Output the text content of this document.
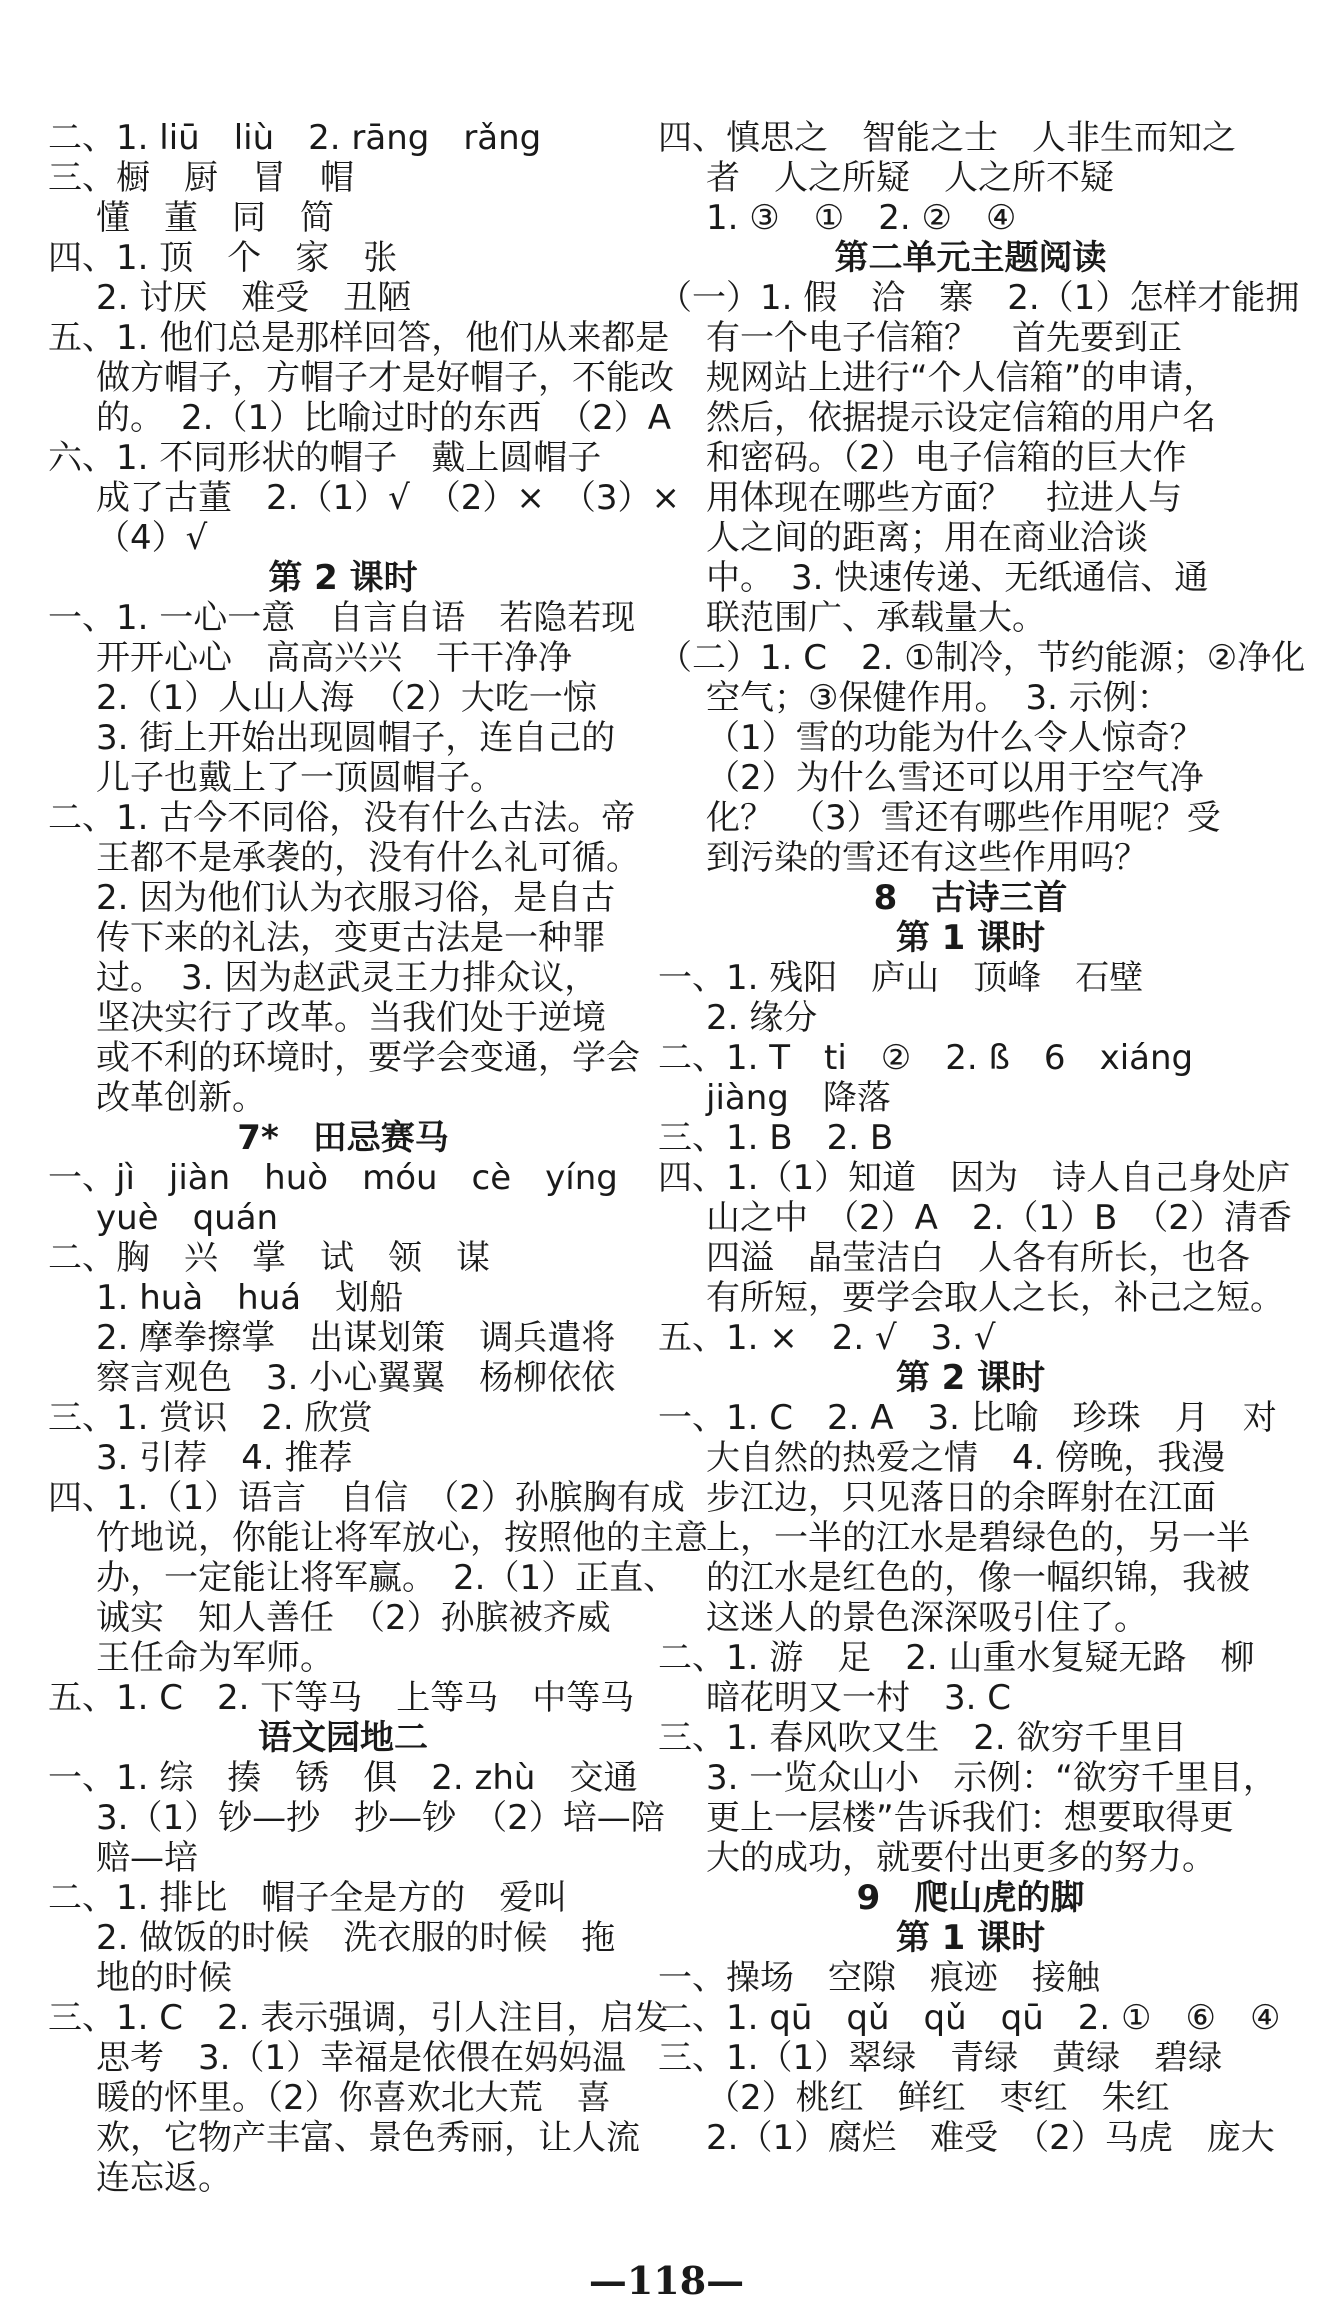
二、1. liū　liù　2. rāng　rǎng
三、橱　厨　冒　帽
懂　董　同　简
四、1. 顶　个　家　张
2. 讨厌　难受　丑陋
五、1. 他们总是那样回答，他们从来都是
做方帽子，方帽子才是好帽子，不能改
的。　2.（1）比喻过时的东西　（2）A
六、1. 不同形状的帽子　戴上圆帽子
成了古董　2.（1）√　（2）×　（3）×
（4）√
第 2 课时
一、1. 一心一意　自言自语　若隐若现
开开心心　高高兴兴　干干净净
2.（1）人山人海　（2）大吃一惊
3. 街上开始出现圆帽子，连自己的
儿子也戴上了一顶圆帽子。
二、1. 古今不同俗，没有什么古法。帝
王都不是承袭的，没有什么礼可循。
2. 因为他们认为衣服习俗，是自古
传下来的礼法，变更古法是一种罪
过。　3. 因为赵武灵王力排众议，
坚决实行了改革。当我们处于逆境
或不利的环境时，要学会变通，学会
改革创新。
7*　田忌赛马
一、jì　jiàn　huò　móu　cè　yíng
yuè　quán
二、胸　兴　掌　试　领　谋
1. huà　huá　划船
2. 摩拳擦掌　出谋划策　调兵遣将
察言观色　3. 小心翼翼　杨柳依依
三、1. 赏识　2. 欣赏
3. 引荐　4. 推荐
四、1.（1）语言　自信　（2）孙膑胸有成
竹地说，你能让将军放心，按照他的主意
办，一定能让将军赢。　2.（1）正直、
诚实　知人善任　（2）孙膑被齐威
王任命为军师。
五、1. C　2. 下等马　上等马　中等马
语文园地二
一、1. 综　揍　锈　俱　2. zhù　交通
3.（1）钞—抄　抄—钞　（2）培—陪
赔—培
二、1. 排比　帽子全是方的　爱叫
2. 做饭的时候　洗衣服的时候　拖
地的时候
三、1. C　2. 表示强调，引人注目，启发
思考　3.（1）幸福是依偎在妈妈温
暖的怀里。（2）你喜欢北大荒　喜
欢，它物产丰富、景色秀丽，让人流
连忘返。
四、慎思之　智能之士　人非生而知之
者　人之所疑　人之所不疑
1. ③　①　2. ②　④
第二单元主题阅读
（一）1. 假　洽　寨　2.（1）怎样才能拥
有一个电子信箱？　首先要到正
规网站上进行“个人信箱”的申请，
然后，依据提示设定信箱的用户名
和密码。（2）电子信箱的巨大作
用体现在哪些方面？　拉进人与
人之间的距离；用在商业洽谈
中。　3. 快速传递、无纸通信、通
联范围广、承载量大。
（二）1. C　2. ①制冷，节约能源；②净化
空气；③保健作用。　3. 示例：
（1）雪的功能为什么令人惊奇？
（2）为什么雪还可以用于空气净
化？　（3）雪还有哪些作用呢？受
到污染的雪还有这些作用吗？
8　古诗三首
第 1 课时
一、1. 残阳　庐山　顶峰　石壁
2. 缘分
二、1. T　ti　②　2. ß　6　xiáng
jiàng　降落
三、1. B　2. B
四、1.（1）知道　因为　诗人自己身处庐
山之中　（2）A　2.（1）B　（2）清香
四溢　晶莹洁白　人各有所长，也各
有所短，要学会取人之长，补己之短。
五、1. ×　2. √　3. √
第 2 课时
一、1. C　2. A　3. 比喻　珍珠　月　对
大自然的热爱之情　4. 傍晚，我漫
步江边，只见落日的余晖射在江面
上，一半的江水是碧绿色的，另一半
的江水是红色的，像一幅织锦，我被
这迷人的景色深深吸引住了。
二、1. 游　足　2. 山重水复疑无路　柳
暗花明又一村　3. C
三、1. 春风吹又生　2. 欲穷千里目
3. 一览众山小　示例：“欲穷千里目，
更上一层楼”告诉我们：想要取得更
大的成功，就要付出更多的努力。
9　爬山虎的脚
第 1 课时
一、操场　空隙　痕迹　接触
二、1. qū　qǔ　qǔ　qū　2. ①　⑥　④
三、1.（1）翠绿　青绿　黄绿　碧绿
（2）桃红　鲜红　枣红　朱红
2.（1）腐烂　难受　（2）马虎　庞大
—118—
